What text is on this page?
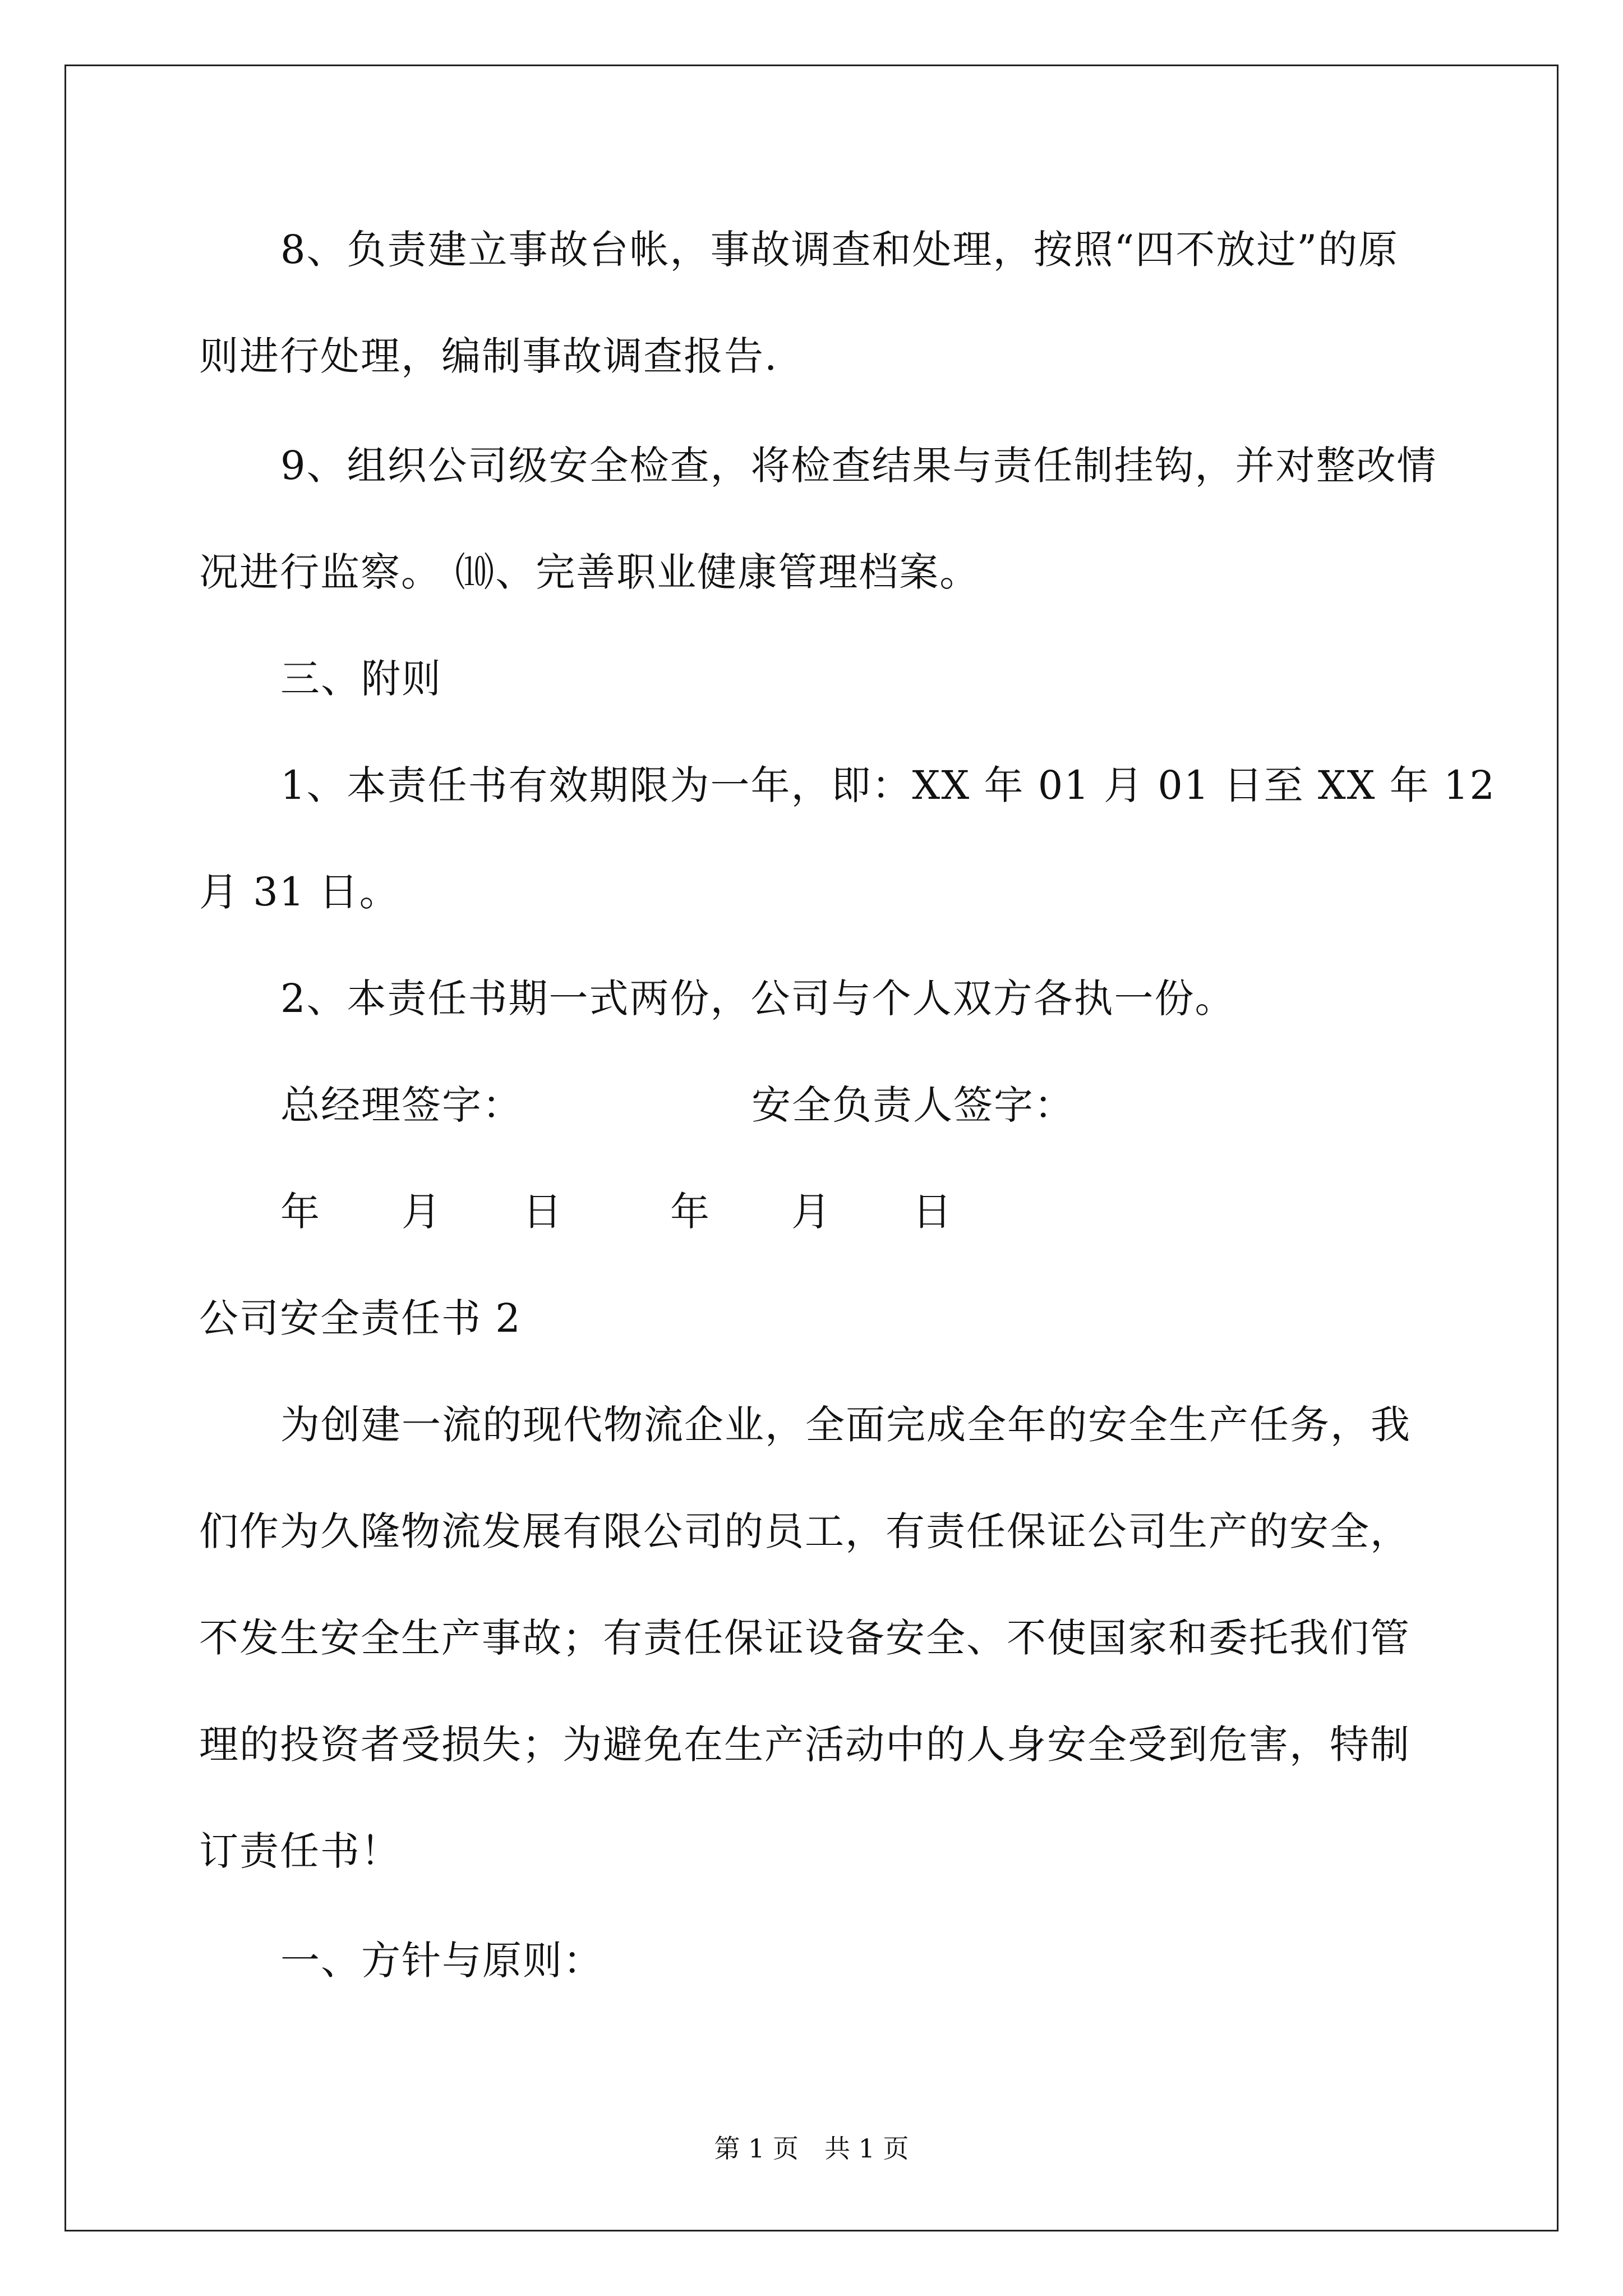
8、负责建立事故台帐，事故调查和处理，按照“四不放过”的原
则进行处理，编制事故调查报告.
9、组织公司级安全检查，将检查结果与责任制挂钩，并对整改情
况进行监察。 ⑽、完善职业健康管理档案。
三、附则
1、本责任书有效期限为一年，即：XX 年 01 月 01 日至 XX 年 12
月 31 日。
2、本责任书期一式两份，公司与个人双方各执一份。
总经理签字：	安全负责人签字：
年　　月　　日	年　　月　　日
公司安全责任书 2
为创建一流的现代物流企业，全面完成全年的安全生产任务，我
们作为久隆物流发展有限公司的员工，有责任保证公司生产的安全，
不发生安全生产事故；有责任保证设备安全、不使国家和委托我们管
理的投资者受损失；为避免在生产活动中的人身安全受到危害，特制
订责任书！
一、方针与原则：
第 1 页　共 1 页
